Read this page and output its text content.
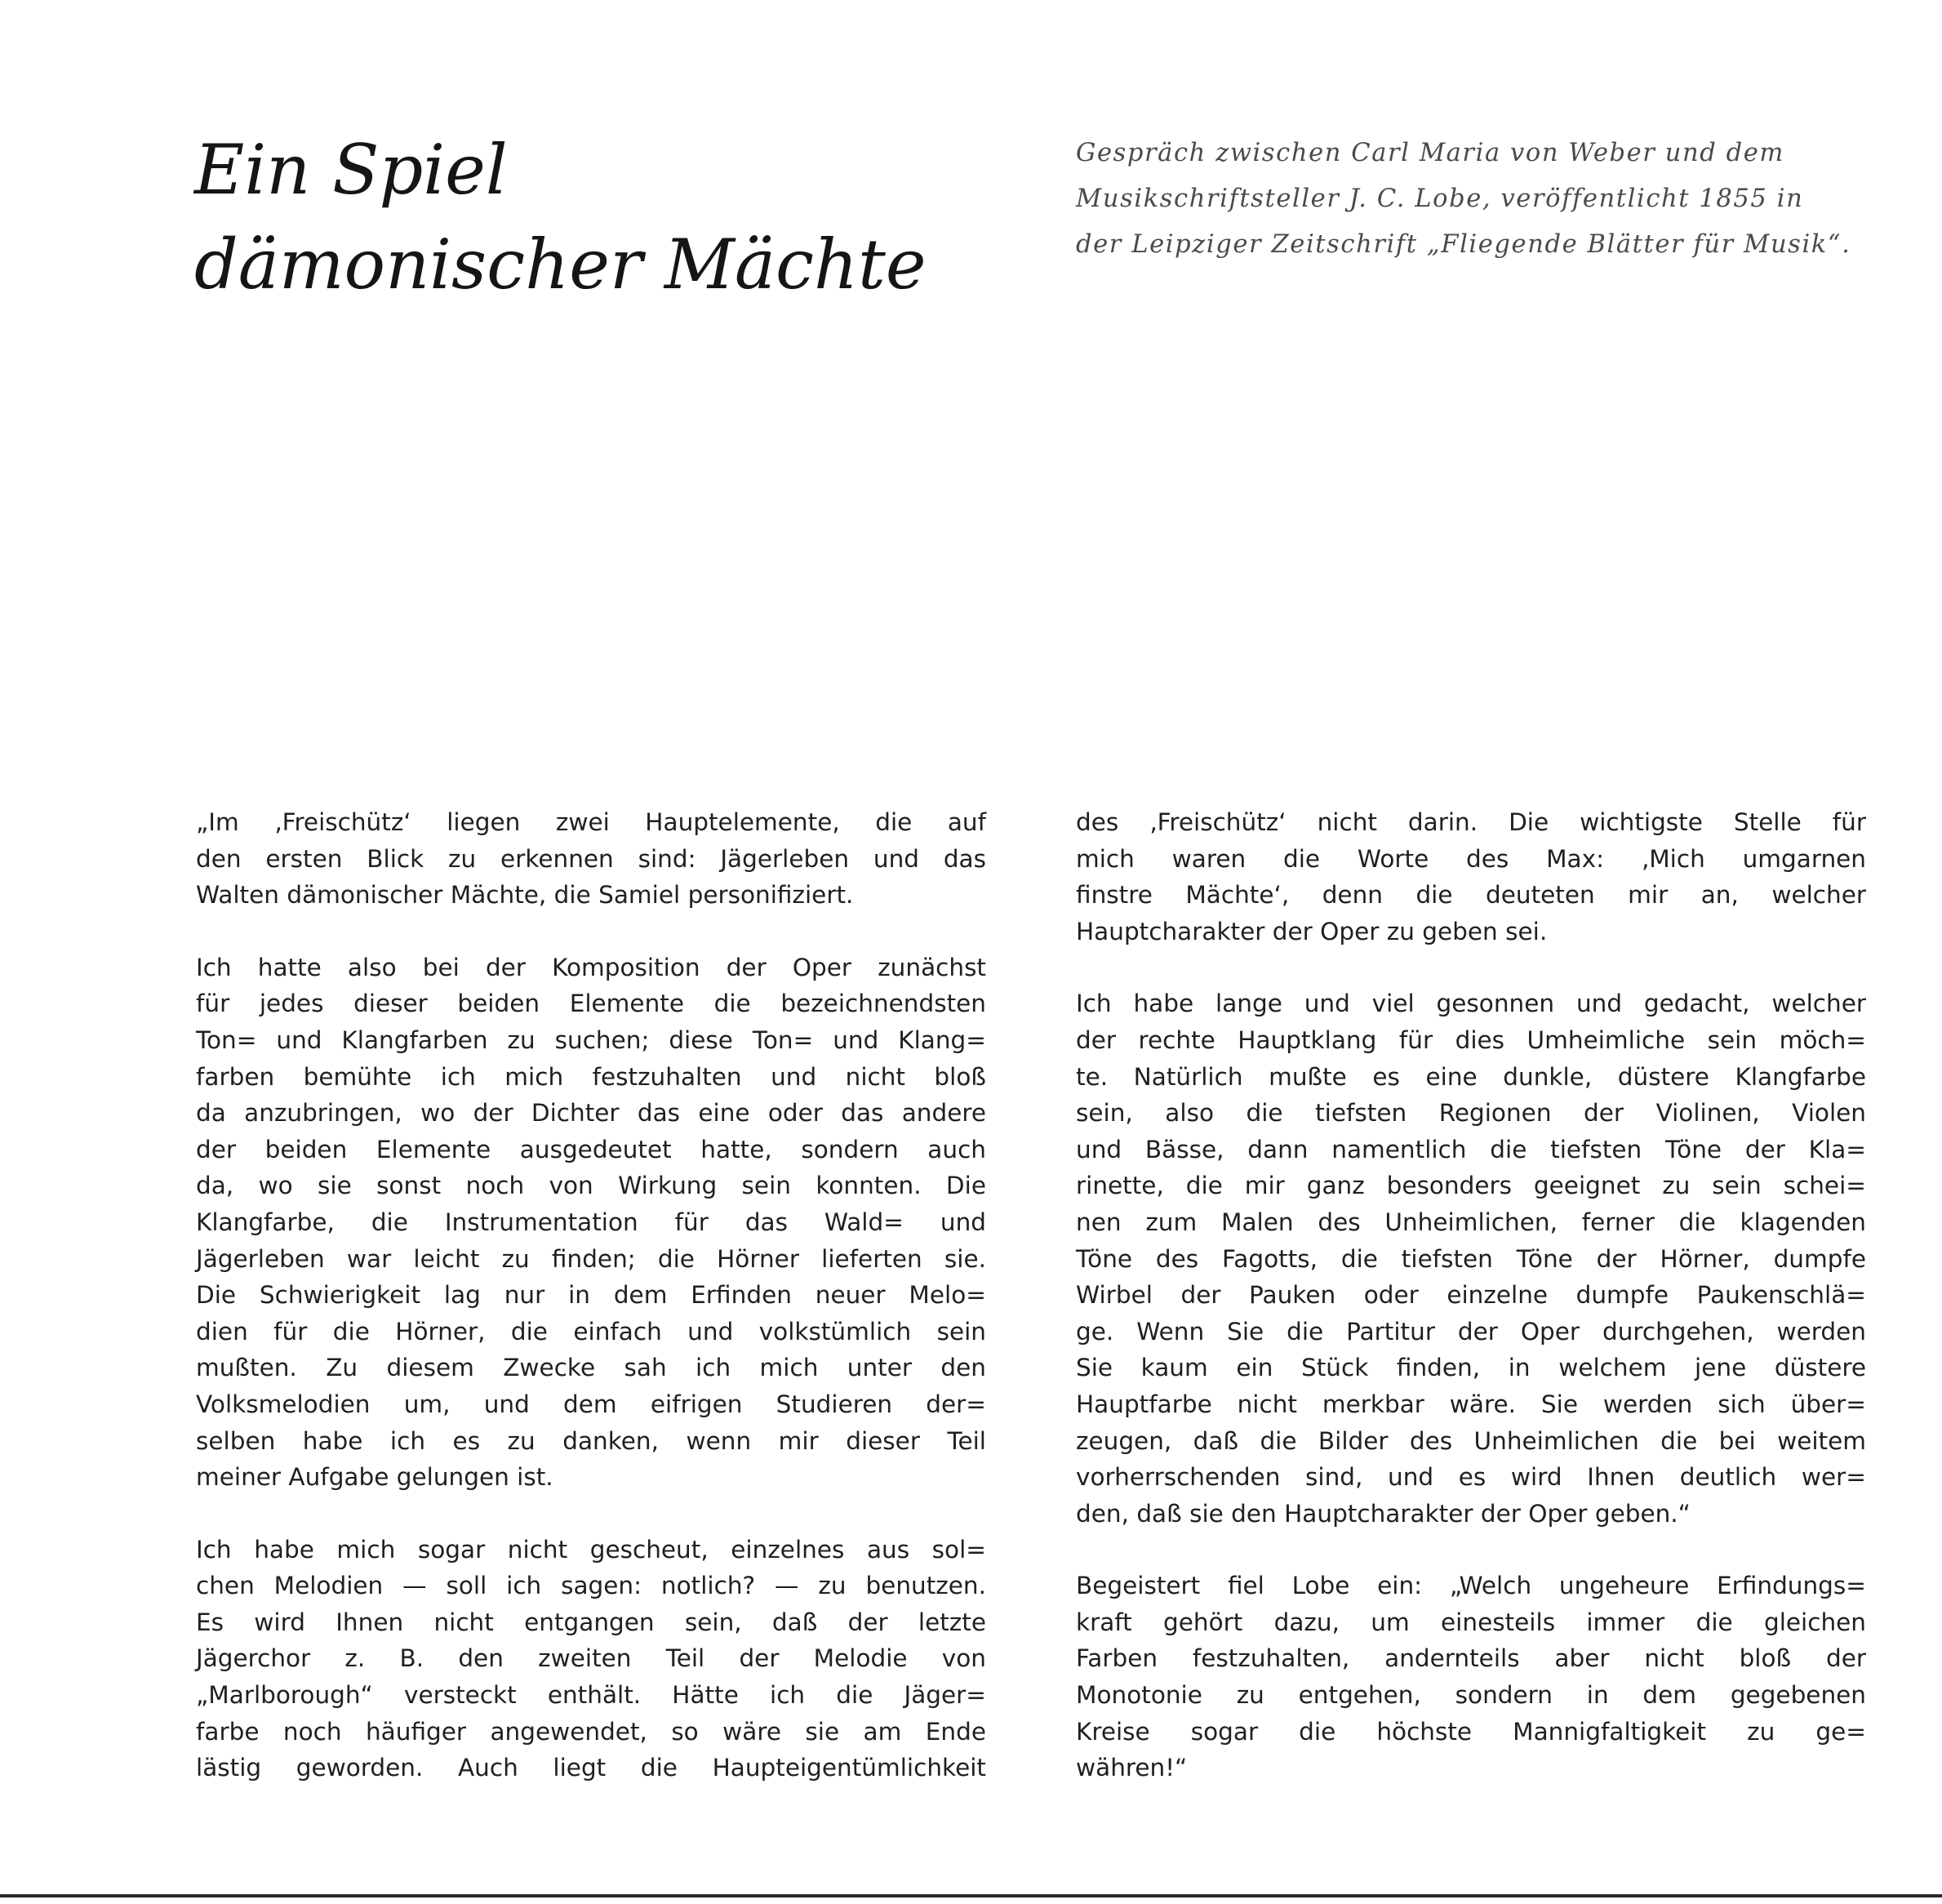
Ein Spiel
dämonischer Mächte
Gespräch zwischen Carl Maria von Weber und dem
Musikschriftsteller J. C. Lobe, veröffentlicht 1855 in
der Leipziger Zeitschrift „Fliegende Blätter für Musik“.
„Im ‚Freischütz‘ liegen zwei Hauptelemente, die auf
den ersten Blick zu erkennen sind: Jägerleben und das
Walten dämonischer Mächte, die Samiel personifiziert.
Ich hatte also bei der Komposition der Oper zunächst
für jedes dieser beiden Elemente die bezeichnendsten
Ton= und Klangfarben zu suchen; diese Ton= und Klang=
farben bemühte ich mich festzuhalten und nicht bloß
da anzubringen, wo der Dichter das eine oder das andere
der beiden Elemente ausgedeutet hatte, sondern auch
da, wo sie sonst noch von Wirkung sein konnten. Die
Klangfarbe, die Instrumentation für das Wald= und
Jägerleben war leicht zu finden; die Hörner lieferten sie.
Die Schwierigkeit lag nur in dem Erfinden neuer Melo=
dien für die Hörner, die einfach und volkstümlich sein
mußten. Zu diesem Zwecke sah ich mich unter den
Volksmelodien um, und dem eifrigen Studieren der=
selben habe ich es zu danken, wenn mir dieser Teil
meiner Aufgabe gelungen ist.
Ich habe mich sogar nicht gescheut, einzelnes aus sol=
chen Melodien — soll ich sagen: notlich? — zu benutzen.
Es wird Ihnen nicht entgangen sein, daß der letzte
Jägerchor z. B. den zweiten Teil der Melodie von
„Marlborough“ versteckt enthält. Hätte ich die Jäger=
farbe noch häufiger angewendet, so wäre sie am Ende
lästig geworden. Auch liegt die Haupteigentümlichkeit
des ‚Freischütz‘ nicht darin. Die wichtigste Stelle für
mich waren die Worte des Max: ‚Mich umgarnen
finstre Mächte‘, denn die deuteten mir an, welcher
Hauptcharakter der Oper zu geben sei.
Ich habe lange und viel gesonnen und gedacht, welcher
der rechte Hauptklang für dies Umheimliche sein möch=
te. Natürlich mußte es eine dunkle, düstere Klangfarbe
sein, also die tiefsten Regionen der Violinen, Violen
und Bässe, dann namentlich die tiefsten Töne der Kla=
rinette, die mir ganz besonders geeignet zu sein schei=
nen zum Malen des Unheimlichen, ferner die klagenden
Töne des Fagotts, die tiefsten Töne der Hörner, dumpfe
Wirbel der Pauken oder einzelne dumpfe Paukenschlä=
ge. Wenn Sie die Partitur der Oper durchgehen, werden
Sie kaum ein Stück finden, in welchem jene düstere
Hauptfarbe nicht merkbar wäre. Sie werden sich über=
zeugen, daß die Bilder des Unheimlichen die bei weitem
vorherrschenden sind, und es wird Ihnen deutlich wer=
den, daß sie den Hauptcharakter der Oper geben.“
Begeistert fiel Lobe ein: „Welch ungeheure Erfindungs=
kraft gehört dazu, um einesteils immer die gleichen
Farben festzuhalten, andernteils aber nicht bloß der
Monotonie zu entgehen, sondern in dem gegebenen
Kreise sogar die höchste Mannigfaltigkeit zu ge=
währen!“
